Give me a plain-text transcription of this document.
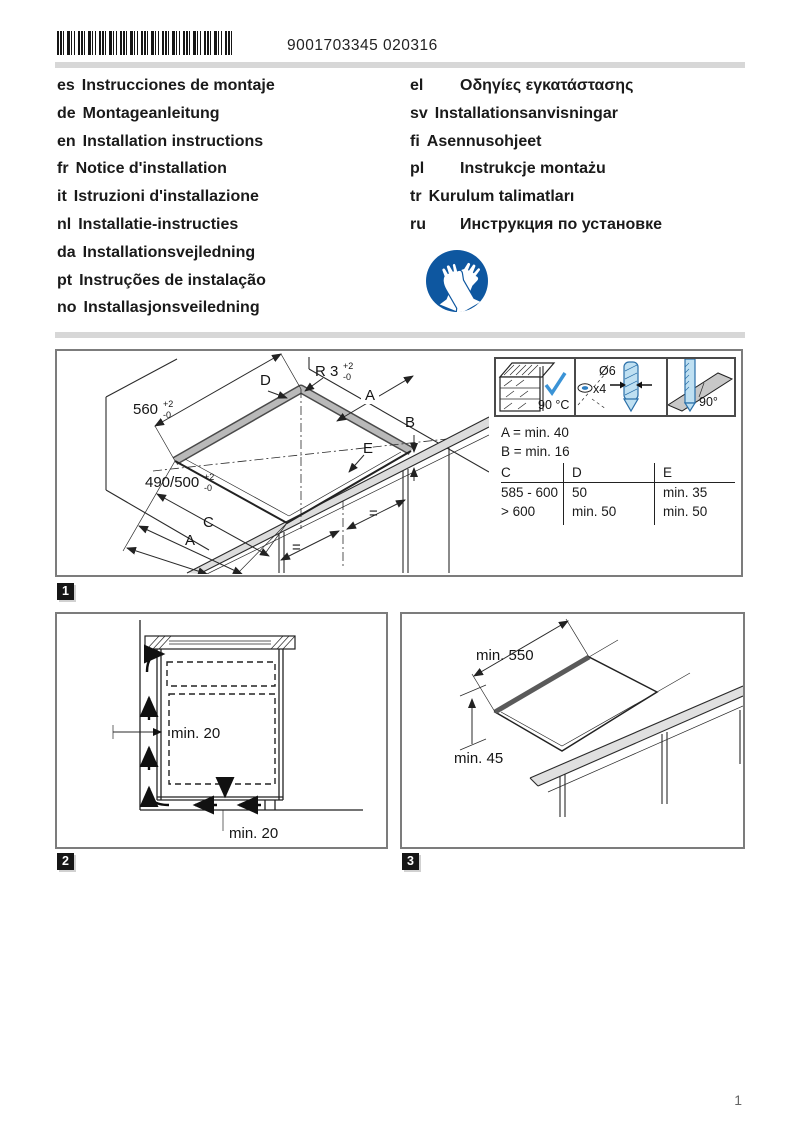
9001703345 020316
es Instrucciones de montaje
de Montageanleitung
en Installation instructions
fr Notice d'installation
it Istruzioni d'installazione
nl Installatie-instructies
da Installationsvejledning
pt Instruções de instalação
no Installasjonsveiledning
el Οδηγίες εγκατάστασης
sv Installationsanvisningar
fi Asennusohjeet
pl Instrukcje montażu
tr Kurulum talimatları
ru Инструкция по установке
560 +2
-0
R 3 +2
-0
D
A
B
E
490/500 +2
-0
C
A	=
=
90 °C
Ø6
x4
90°
A = min. 40
B = min. 16
C	D	E
585 - 600	50	min. 35
> 600	min. 50	min. 50
1
min. 20
min. 20
min. 550
min. 45
2	3
1
